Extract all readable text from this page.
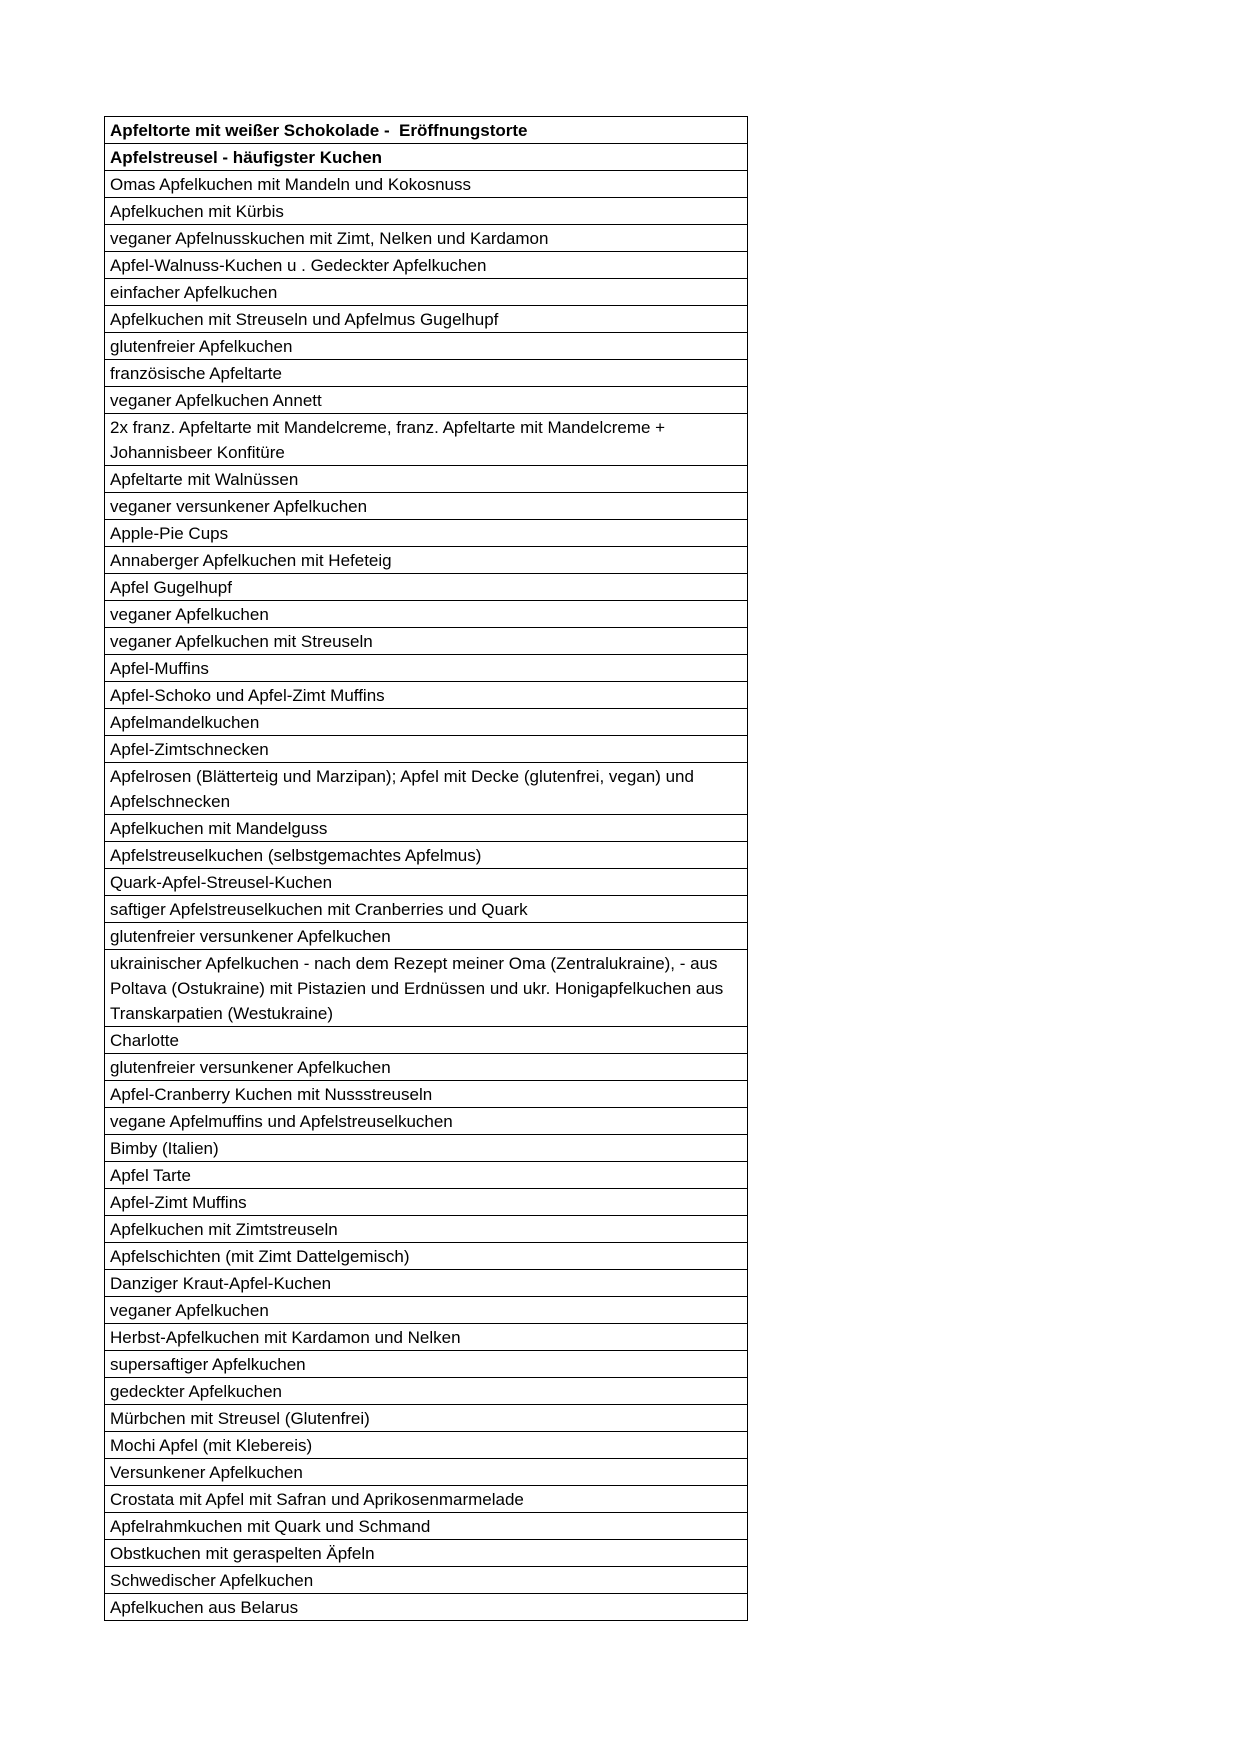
Apfeltorte mit weißer Schokolade -  Eröffnungstorte
Apfelstreusel - häufigster Kuchen
Omas Apfelkuchen mit Mandeln und Kokosnuss
Apfelkuchen mit Kürbis
veganer Apfelnusskuchen mit Zimt, Nelken und Kardamon
Apfel-Walnuss-Kuchen u . Gedeckter Apfelkuchen
einfacher Apfelkuchen
Apfelkuchen mit Streuseln und Apfelmus Gugelhupf
glutenfreier Apfelkuchen
französische Apfeltarte
veganer Apfelkuchen Annett
2x franz. Apfeltarte mit Mandelcreme, franz. Apfeltarte mit Mandelcreme + Johannisbeer Konfitüre
Apfeltarte mit Walnüssen
veganer versunkener Apfelkuchen
Apple-Pie Cups
Annaberger Apfelkuchen mit Hefeteig
Apfel Gugelhupf
veganer Apfelkuchen
veganer Apfelkuchen mit Streuseln
Apfel-Muffins
Apfel-Schoko und Apfel-Zimt Muffins
Apfelmandelkuchen
Apfel-Zimtschnecken
Apfelrosen (Blätterteig und Marzipan); Apfel mit Decke (glutenfrei, vegan) und Apfelschnecken
Apfelkuchen mit Mandelguss
Apfelstreuselkuchen (selbstgemachtes Apfelmus)
Quark-Apfel-Streusel-Kuchen
saftiger Apfelstreuselkuchen mit Cranberries und Quark
glutenfreier versunkener Apfelkuchen
ukrainischer Apfelkuchen - nach dem Rezept meiner Oma (Zentralukraine), - aus Poltava (Ostukraine) mit Pistazien und Erdnüssen und ukr. Honigapfelkuchen aus Transkarpatien (Westukraine)
Charlotte
glutenfreier versunkener Apfelkuchen
Apfel-Cranberry Kuchen mit Nussstreuseln
vegane Apfelmuffins und Apfelstreuselkuchen
Bimby (Italien)
Apfel Tarte
Apfel-Zimt Muffins
Apfelkuchen mit Zimtstreuseln
Apfelschichten (mit Zimt Dattelgemisch)
Danziger Kraut-Apfel-Kuchen
veganer Apfelkuchen
Herbst-Apfelkuchen mit Kardamon und Nelken
supersaftiger Apfelkuchen
gedeckter Apfelkuchen
Mürbchen mit Streusel (Glutenfrei)
Mochi Apfel (mit Klebereis)
Versunkener Apfelkuchen
Crostata mit Apfel mit Safran und Aprikosenmarmelade
Apfelrahmkuchen mit Quark und Schmand
Obstkuchen mit geraspelten Äpfeln
Schwedischer Apfelkuchen
Apfelkuchen aus Belarus
